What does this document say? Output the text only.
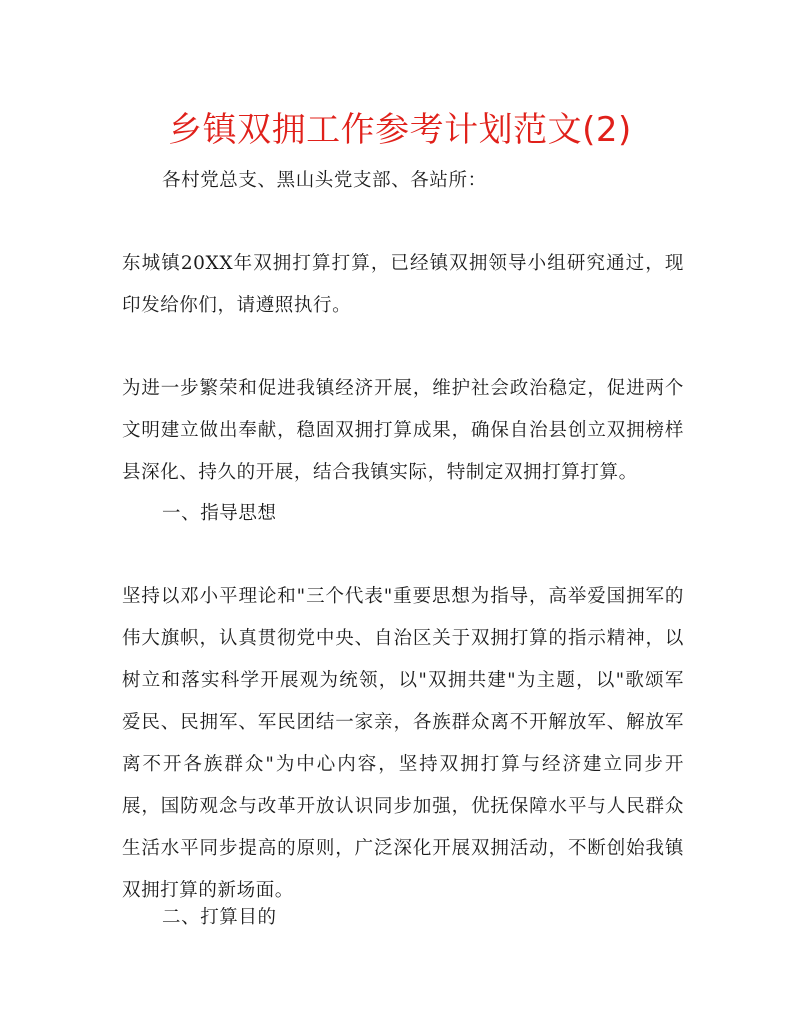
乡镇双拥工作参考计划范文(2)

各村党总支、黑山头党支部、各站所：

东城镇20XX年双拥打算打算，已经镇双拥领导小组研究通过，现印发给你们，请遵照执行。

为进一步繁荣和促进我镇经济开展，维护社会政治稳定，促进两个文明建立做出奉献，稳固双拥打算成果，确保自治县创立双拥榜样县深化、持久的开展，结合我镇实际，特制定双拥打算打算。

一、指导思想

坚持以邓小平理论和"三个代表"重要思想为指导，高举爱国拥军的伟大旗帜，认真贯彻党中央、自治区关于双拥打算的指示精神，以树立和落实科学开展观为统领，以"双拥共建"为主题，以"歌颂军爱民、民拥军、军民团结一家亲，各族群众离不开解放军、解放军离不开各族群众"为中心内容，坚持双拥打算与经济建立同步开展，国防观念与改革开放认识同步加强，优抚保障水平与人民群众生活水平同步提高的原则，广泛深化开展双拥活动，不断创始我镇双拥打算的新场面。

二、打算目的
